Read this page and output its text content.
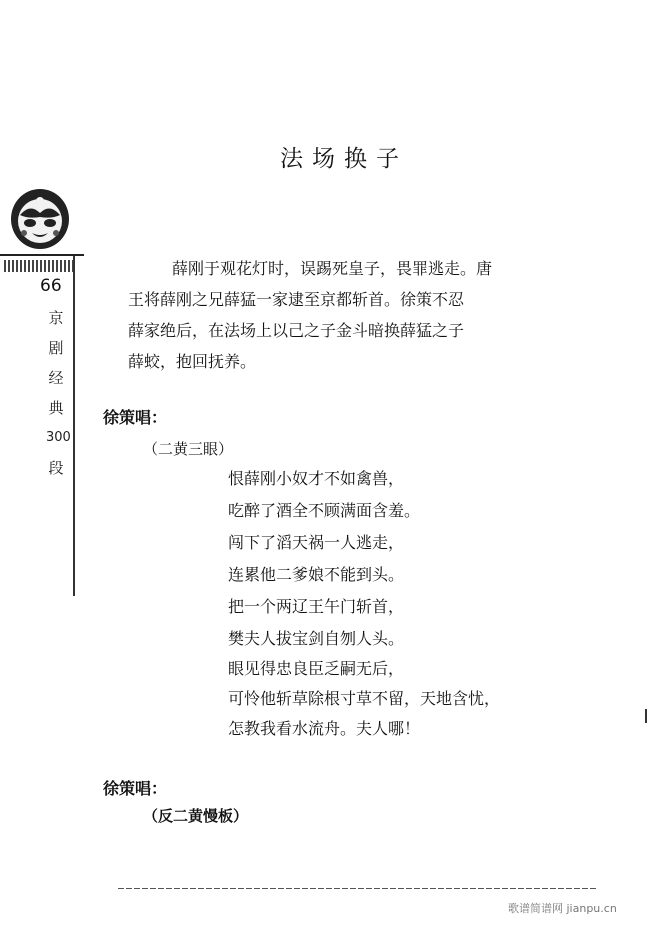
法场换子
66
京
剧
经
典
300
段
薛刚于观花灯时，误踢死皇子，畏罪逃走。唐
王将薛刚之兄薛猛一家逮至京都斩首。徐策不忍
薛家绝后，在法场上以己之子金斗暗换薛猛之子
薛蛟，抱回抚养。
徐策唱：
（二黄三眼）
恨薛刚小奴才不如禽兽，
吃醉了酒全不顾满面含羞。
闯下了滔天祸一人逃走，
连累他二爹娘不能到头。
把一个两辽王午门斩首，
樊夫人拔宝剑自刎人头。
眼见得忠良臣乏嗣无后，
可怜他斩草除根寸草不留，天地含忧，
怎教我看水流舟。夫人哪！
徐策唱：
（反二黄慢板）
歌谱简谱网 jianpu.cn
